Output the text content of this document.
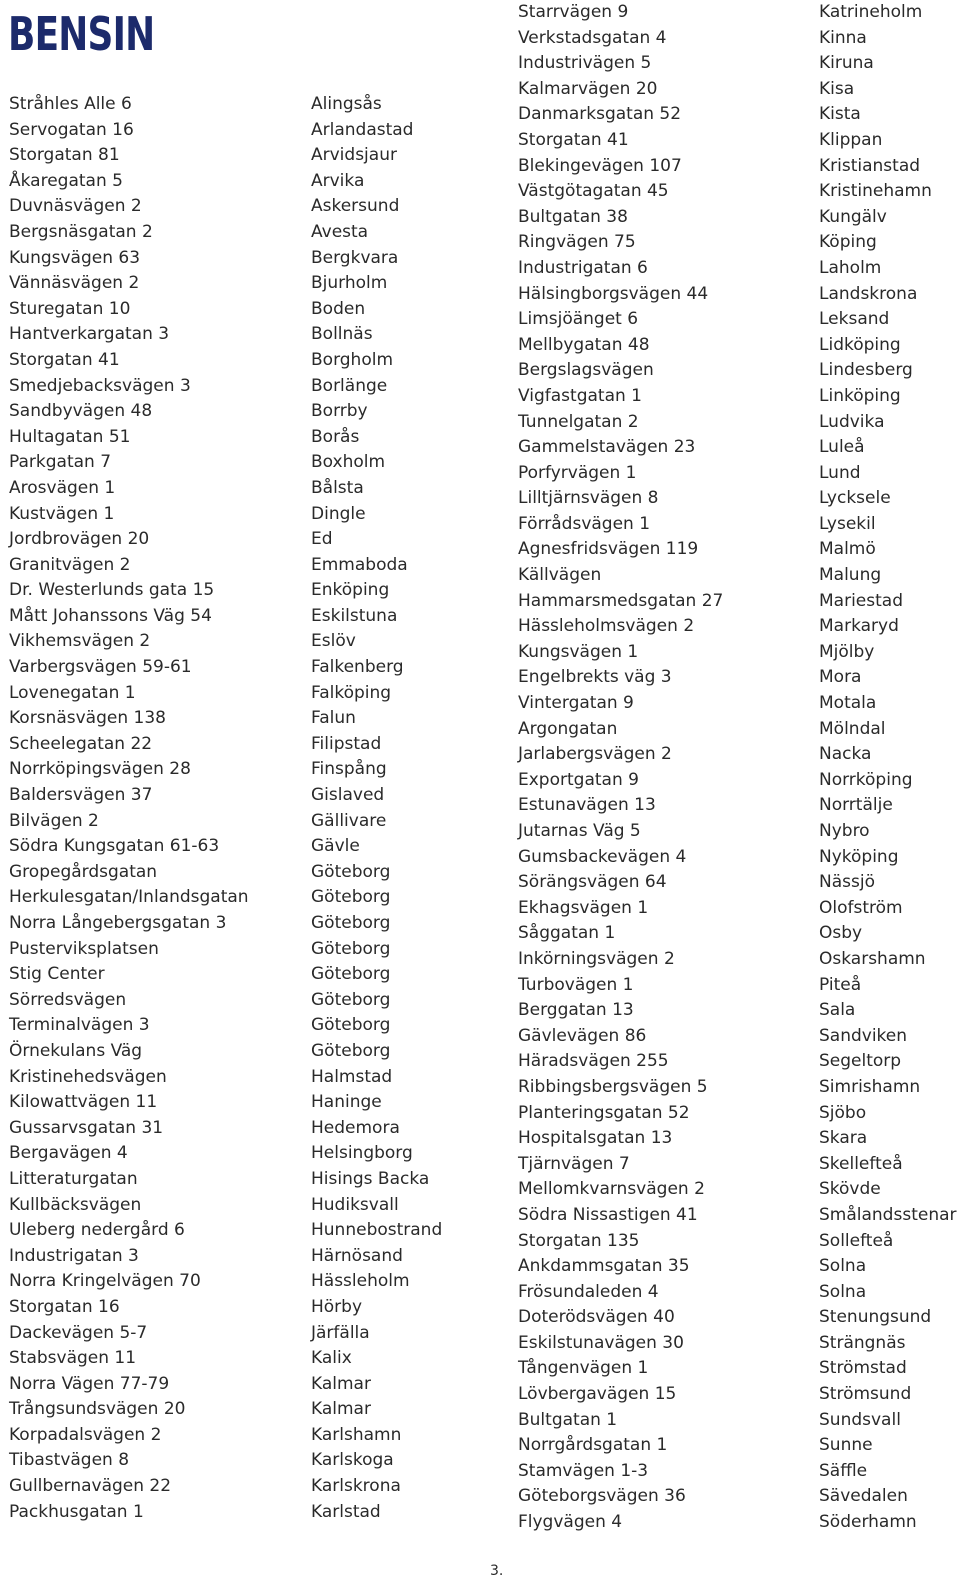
BENSIN
Stråhles Alle 6
Servogatan 16
Storgatan 81
Åkaregatan 5
Duvnäsvägen 2
Bergsnäsgatan 2
Kungsvägen 63
Vännäsvägen 2
Sturegatan 10
Hantverkargatan 3
Storgatan 41
Smedjebacksvägen 3
Sandbyvägen 48
Hultagatan 51
Parkgatan 7
Arosvägen 1
Kustvägen 1
Jordbrovägen 20
Granitvägen 2
Dr. Westerlunds gata 15
Mått Johanssons Väg 54
Vikhemsvägen 2
Varbergsvägen 59-61
Lovenegatan 1
Korsnäsvägen 138
Scheelegatan 22
Norrköpingsvägen 28
Baldersvägen 37
Bilvägen 2
Södra Kungsgatan 61-63
Gropegårdsgatan
Herkulesgatan/Inlandsgatan
Norra Långebergsgatan 3
Pusterviksplatsen
Stig Center
Sörredsvägen
Terminalvägen 3
Örnekulans Väg
Kristinehedsvägen
Kilowattvägen 11
Gussarvsgatan 31
Bergavägen 4
Litteraturgatan
Kullbäcksvägen
Uleberg nedergård 6
Industrigatan 3
Norra Kringelvägen 70
Storgatan 16
Dackevägen 5-7
Stabsvägen 11
Norra Vägen 77-79
Trångsundsvägen 20
Korpadalsvägen 2
Tibastvägen 8
Gullbernavägen 22
Packhusgatan 1
Alingsås
Arlandastad
Arvidsjaur
Arvika
Askersund
Avesta
Bergkvara
Bjurholm
Boden
Bollnäs
Borgholm
Borlänge
Borrby
Borås
Boxholm
Bålsta
Dingle
Ed
Emmaboda
Enköping
Eskilstuna
Eslöv
Falkenberg
Falköping
Falun
Filipstad
Finspång
Gislaved
Gällivare
Gävle
Göteborg
Göteborg
Göteborg
Göteborg
Göteborg
Göteborg
Göteborg
Göteborg
Halmstad
Haninge
Hedemora
Helsingborg
Hisings Backa
Hudiksvall
Hunnebostrand
Härnösand
Hässleholm
Hörby
Järfälla
Kalix
Kalmar
Kalmar
Karlshamn
Karlskoga
Karlskrona
Karlstad
Starrvägen 9
Verkstadsgatan 4
Industrivägen 5
Kalmarvägen 20
Danmarksgatan 52
Storgatan 41
Blekingevägen 107
Västgötagatan 45
Bultgatan 38
Ringvägen 75
Industrigatan 6
Hälsingborgsvägen 44
Limsjöänget 6
Mellbygatan 48
Bergslagsvägen
Vigfastgatan 1
Tunnelgatan 2
Gammelstavägen 23
Porfyrvägen 1
Lilltjärnsvägen 8
Förrådsvägen 1
Agnesfridsvägen 119
Källvägen
Hammarsmedsgatan 27
Hässleholmsvägen 2
Kungsvägen 1
Engelbrekts väg 3
Vintergatan 9
Argongatan
Jarlabergsvägen 2
Exportgatan 9
Estunavägen 13
Jutarnas Väg 5
Gumsbackevägen 4
Sörängsvägen 64
Ekhagsvägen 1
Såggatan 1
Inkörningsvägen 2
Turbovägen 1
Berggatan 13
Gävlevägen 86
Häradsvägen 255
Ribbingsbergsvägen 5
Planteringsgatan 52
Hospitalsgatan 13
Tjärnvägen 7
Mellomkvarnsvägen 2
Södra Nissastigen 41
Storgatan 135
Ankdammsgatan 35
Frösundaleden 4
Doterödsvägen 40
Eskilstunavägen 30
Tångenvägen 1
Lövbergavägen 15
Bultgatan 1
Norrgårdsgatan 1
Stamvägen 1-3
Göteborgsvägen 36
Flygvägen 4
Katrineholm
Kinna
Kiruna
Kisa
Kista
Klippan
Kristianstad
Kristinehamn
Kungälv
Köping
Laholm
Landskrona
Leksand
Lidköping
Lindesberg
Linköping
Ludvika
Luleå
Lund
Lycksele
Lysekil
Malmö
Malung
Mariestad
Markaryd
Mjölby
Mora
Motala
Mölndal
Nacka
Norrköping
Norrtälje
Nybro
Nyköping
Nässjö
Olofström
Osby
Oskarshamn
Piteå
Sala
Sandviken
Segeltorp
Simrishamn
Sjöbo
Skara
Skellefteå
Skövde
Smålandsstenar
Sollefteå
Solna
Solna
Stenungsund
Strängnäs
Strömstad
Strömsund
Sundsvall
Sunne
Säffle
Sävedalen
Söderhamn
3.
